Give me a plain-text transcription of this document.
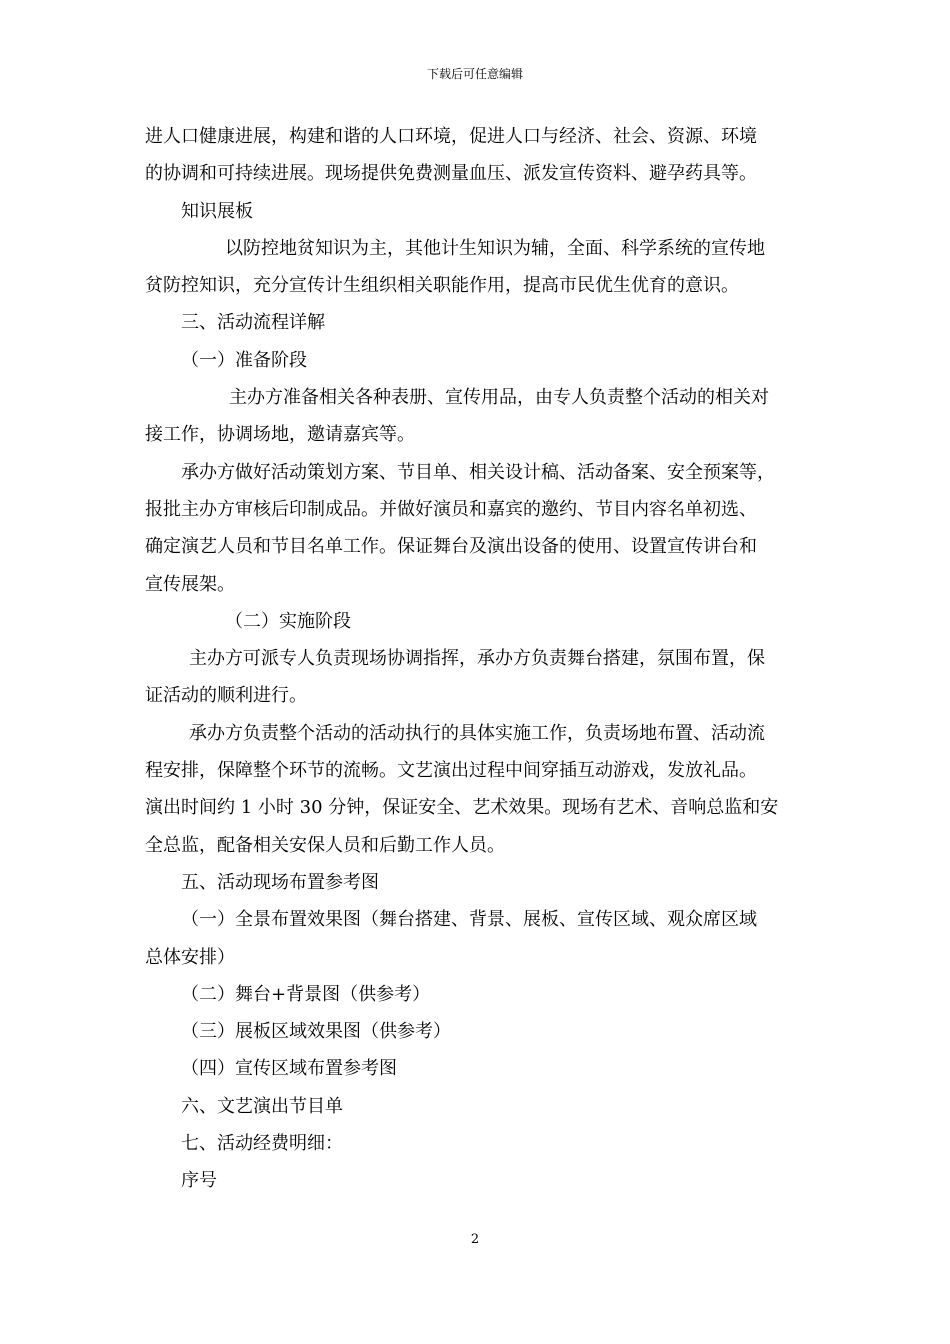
下载后可任意编辑

进人口健康进展，构建和谐的人口环境，促进人口与经济、社会、资源、环境

的协调和可持续进展。现场提供免费测量血压、派发宣传资料、避孕药具等。

知识展板

以防控地贫知识为主，其他计生知识为辅，全面、科学系统的宣传地

贫防控知识，充分宣传计生组织相关职能作用，提高市民优生优育的意识。

三、活动流程详解

（一）准备阶段

主办方准备相关各种表册、宣传用品，由专人负责整个活动的相关对

接工作，协调场地，邀请嘉宾等。

承办方做好活动策划方案、节目单、相关设计稿、活动备案、安全预案等，

报批主办方审核后印制成品。并做好演员和嘉宾的邀约、节目内容名单初选、

确定演艺人员和节目名单工作。保证舞台及演出设备的使用、设置宣传讲台和

宣传展架。

（二）实施阶段

主办方可派专人负责现场协调指挥，承办方负责舞台搭建，氛围布置，保

证活动的顺利进行。

承办方负责整个活动的活动执行的具体实施工作，负责场地布置、活动流

程安排，保障整个环节的流畅。文艺演出过程中间穿插互动游戏，发放礼品。

演出时间约 1 小时 30 分钟，保证安全、艺术效果。现场有艺术、音响总监和安

全总监，配备相关安保人员和后勤工作人员。

五、活动现场布置参考图

（一）全景布置效果图（舞台搭建、背景、展板、宣传区域、观众席区域

总体安排）

（二）舞台+背景图（供参考）

（三）展板区域效果图（供参考）

（四）宣传区域布置参考图

六、文艺演出节目单

七、活动经费明细：

序号

2
